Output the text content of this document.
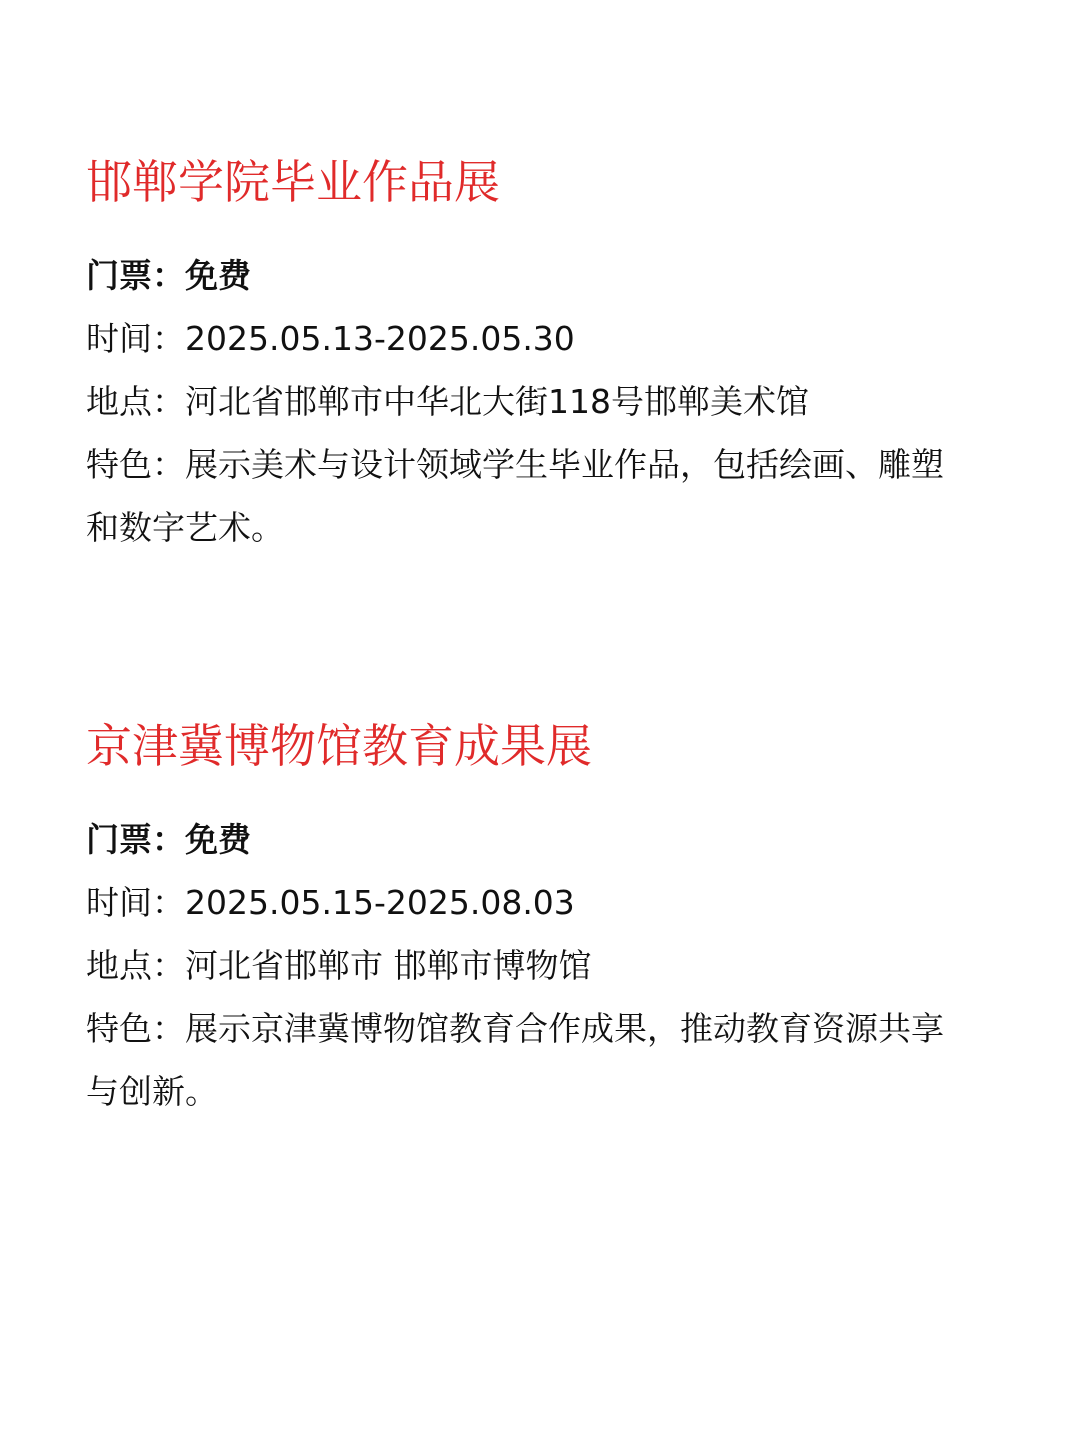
邯郸学院毕业作品展
门票：免费
时间：2025.05.13-2025.05.30
地点：河北省邯郸市中华北大街118号邯郸美术馆
特色：展示美术与设计领域学生毕业作品，包括绘画、雕塑和数字艺术。
京津冀博物馆教育成果展
门票：免费
时间：2025.05.15-2025.08.03
地点：河北省邯郸市 邯郸市博物馆
特色：展示京津冀博物馆教育合作成果，推动教育资源共享与创新。
